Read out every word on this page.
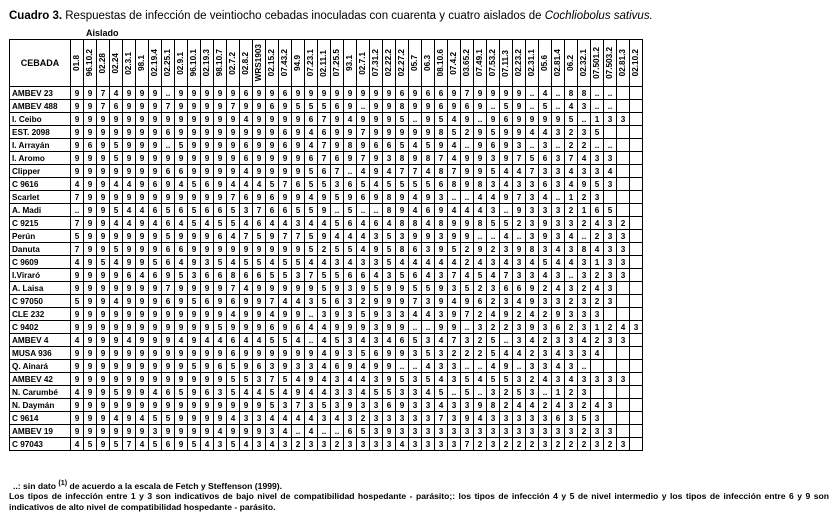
Cuadro 3. Respuestas de infección de veintiocho cebadas inoculadas con cuarenta y cuatro aislados de Cochliobolus sativus.
Aislado
CEBADA	01.8	96.10.2	02.28	02.24	02.3.1	98.1	02.19.4	02.25.1	02.9.1	96.10.1	02.19.3	98.10.7	02.7.2	02.8.2	WRS1903	02.15.2	07.43.2	94.9	07.23.1	02.11.1	07.25.5	93.1	02.7.1	07.31.2	02.22.2	02.27.2	05.7	06.3	08.10.6	07.4.2	03.65.2	07.49.1	07.53.2	07.11.3	02.23.2	02.31.1	05.6	02.81.4	06.2	02.32.1	07.501.2	07.503.2	02.81.3	02.10.2

AMBEV 23	9	9	7	4	9	9	9	..	9	9	9	9	9	6	9	9	6	9	9	9	9	9	9	9	9	6	9	6	6	9	7	9	9	9	9	..	4	..	8	8	..	..		
AMBEV 488	9	9	7	6	9	9	9	7	9	9	9	9	7	9	9	6	9	5	5	5	6	9	..	9	9	8	9	9	6	9	6	9	..	5	9	..	5	..	4	3	..	..		
I. Ceibo	9	9	9	9	9	9	9	9	9	9	9	9	9	4	9	9	9	9	6	7	9	4	9	9	9	5	..	9	5	4	9	..	9	6	9	9	9	9	5	..	1	3	3	
EST. 2098	9	9	9	9	9	9	9	6	9	9	9	9	9	9	9	9	6	9	4	6	9	9	7	9	9	9	9	9	8	5	2	9	5	9	9	4	4	3	2	3	5			
I. Arrayán	9	6	9	5	9	9	9	..	5	9	9	9	9	6	9	9	6	9	4	7	9	8	9	6	6	5	4	5	9	4	..	9	6	9	3	..	3	..	2	2	..	..		
I. Aromo	9	9	9	5	9	9	9	9	9	9	9	9	9	6	9	9	9	9	6	7	6	9	7	9	3	8	9	8	7	4	9	9	3	9	7	5	6	3	7	4	3	3		
Clipper	9	9	9	9	9	9	9	6	6	9	9	9	9	4	9	9	9	9	5	6	7	..	4	9	4	7	7	4	8	7	9	9	5	4	4	7	3	3	4	3	3	4		
C 9616	4	9	9	4	4	9	6	9	4	5	6	9	4	4	4	5	7	6	5	5	3	6	5	4	5	5	5	5	6	8	9	8	3	4	3	3	6	3	4	9	5	3		
Scarlet	7	9	9	9	9	9	9	9	9	9	9	9	7	6	9	6	9	9	4	9	5	9	6	9	8	9	4	9	3	..	..	4	4	9	7	3	4	..	1	2	3			
A. Madi	..	9	9	5	4	4	6	5	6	5	6	6	5	3	7	6	6	5	5	9	..	5	..	..	8	9	4	6	9	4	4	4	3	..	9	3	3	3	2	1	6	5		
C 9215	7	9	9	4	4	9	4	6	4	5	4	5	5	4	6	4	4	3	4	4	5	6	4	6	4	8	8	4	8	9	9	8	5	5	2	3	9	3	3	2	4	3	2	
Perún	5	9	9	9	9	9	9	5	9	9	9	6	4	7	5	9	7	7	5	9	4	4	4	3	5	3	9	9	3	9	9	..	..	4	..	3	9	3	4	..	2	3	3	
Danuta	7	9	9	5	9	9	9	6	6	9	9	9	9	9	9	9	9	9	5	2	5	5	4	9	5	8	6	3	9	5	2	9	2	3	9	8	3	4	3	8	4	3	3	
C 9609	4	9	5	4	9	9	5	6	4	9	3	5	4	5	5	4	5	5	4	4	3	4	3	3	5	4	4	4	4	4	2	4	3	4	3	4	5	4	4	3	1	3	3	
I.Viraró	9	9	9	9	6	4	6	9	5	3	6	6	8	6	6	5	5	3	7	5	5	6	6	4	3	5	6	4	3	7	4	5	4	7	3	3	4	3	..	3	2	3	3	
A. Laisa	9	9	9	9	9	9	9	7	9	9	9	9	7	4	9	9	9	9	9	5	9	3	9	5	9	9	5	5	9	3	5	2	3	6	6	9	2	4	3	2	4	3		
C 97050	5	9	9	4	9	9	9	6	9	5	6	9	6	9	9	7	4	4	3	5	6	3	2	9	9	9	7	3	9	4	9	6	2	3	4	9	3	3	2	3	2	3		
CLE 232	9	9	9	9	9	9	9	9	9	9	9	9	4	9	9	4	9	9	..	3	9	3	5	9	3	3	4	4	3	9	7	2	4	9	2	4	2	9	3	3	3			
C 9402	9	9	9	9	9	9	9	9	9	9	9	5	9	9	9	6	9	6	4	4	9	9	9	3	9	9	..	..	9	9	..	3	2	2	3	9	3	6	2	3	1	2	4	3
AMBEV 4	4	9	9	9	4	9	9	9	4	9	4	4	6	4	4	5	5	4	..	4	5	3	4	3	4	6	5	3	4	7	3	2	5	..	3	4	2	3	3	4	2	3	3	
MUSA 936	9	9	9	9	9	9	9	9	9	9	9	9	6	9	9	9	9	9	9	4	9	3	5	6	9	9	3	5	3	2	2	2	5	4	4	2	3	4	3	3	4			
Q. Ainará	9	9	9	9	9	9	9	9	9	5	9	6	5	9	6	3	9	3	3	4	6	9	4	9	9	..	..	4	3	3	..	..	4	9	..	3	3	4	3	..				
AMBEV 42	9	9	9	9	9	9	9	9	9	9	9	9	5	5	3	7	5	4	9	4	3	4	4	3	9	5	3	5	4	3	5	4	5	5	3	2	4	3	4	3	3	3	3	
N. Carumbé	4	9	9	5	9	9	4	6	5	9	6	3	5	4	4	5	4	9	4	4	3	3	4	5	5	3	3	4	5	..	5	..	3	2	5	3	..	1	2	3				
N. Daymán	9	9	9	9	9	9	9	9	9	9	9	9	9	9	9	5	3	7	3	5	3	9	3	3	6	9	3	3	4	3	3	9	8	2	4	4	2	4	3	2	4	3		
C 9614	9	9	9	4	9	4	5	5	9	9	9	9	4	3	3	4	4	4	4	3	4	3	2	3	3	3	3	3	7	3	9	4	3	3	3	3	3	6	3	5	3			
AMBEV 19	9	9	9	9	9	9	3	9	9	9	9	4	9	9	9	3	4	..	4	..	..	6	5	3	9	3	3	3	3	3	3	3	3	3	3	3	3	3	3	2	3	3		
C 97043	4	5	9	5	7	4	5	6	9	5	4	3	5	4	3	4	3	2	3	3	2	3	3	3	3	4	3	3	3	3	7	2	3	2	2	2	3	2	2	2	3	2	3	

..: sin dato $^{(1)}$ de acuerdo a la escala de Fetch y Steffenson (1999).

Los tipos de infección entre 1 y 3 son indicativos de bajo nivel de compatibilidad hospedante - parásito;: los tipos de infección 4 y 5 de nivel intermedio y los tipos de infección entre 6 y 9 son indicativos de alto nivel de compatibilidad hospedante - parásito.
